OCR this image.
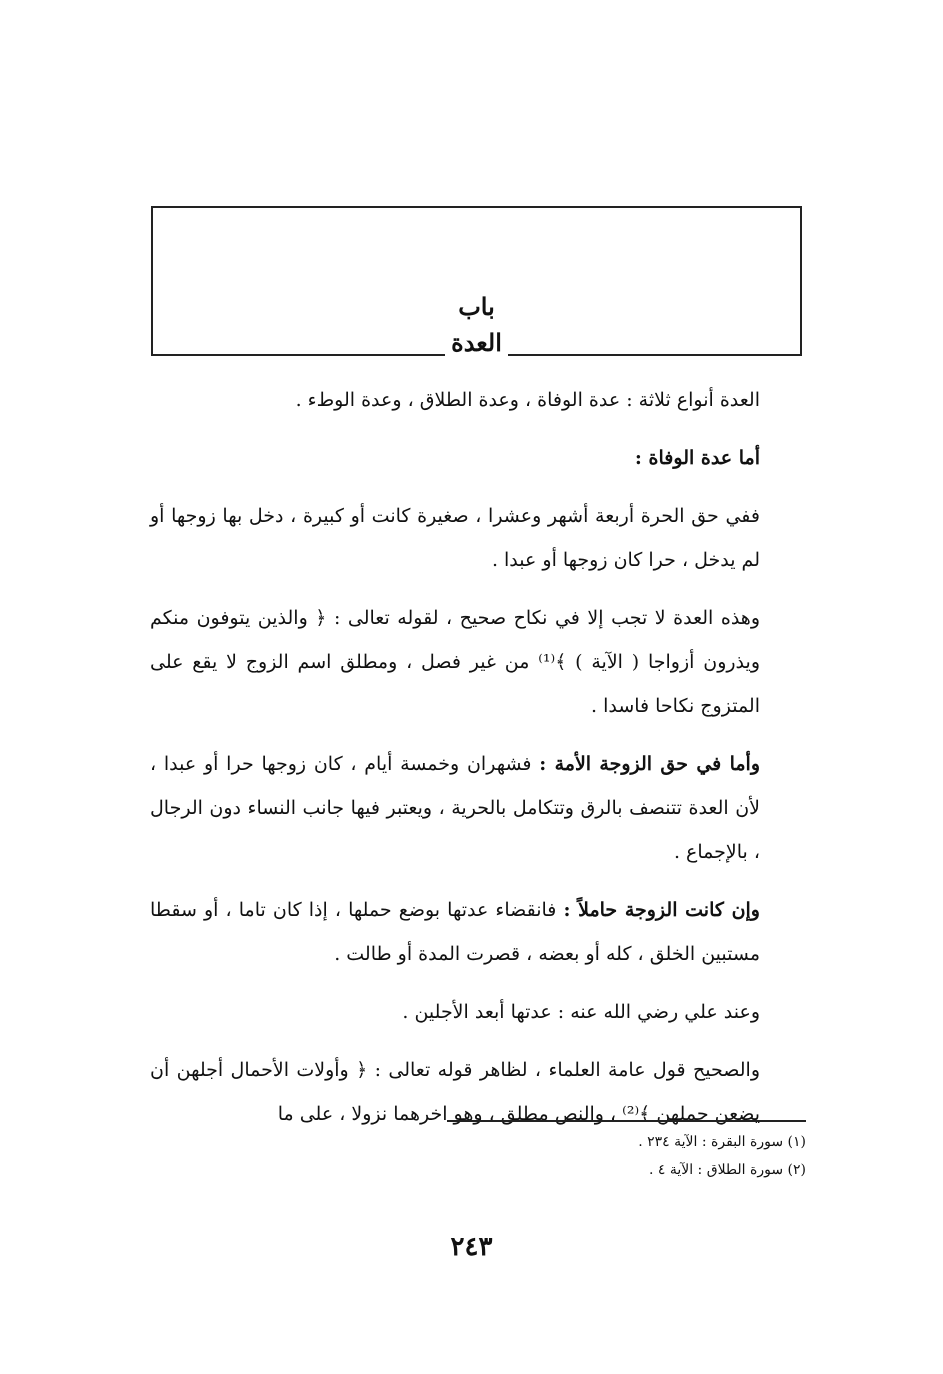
باب
العدة

العدة أنواع ثلاثة : عدة الوفاة ، وعدة الطلاق ، وعدة الوطء .

أما عدة الوفاة :

ففي حق الحرة أربعة أشهر وعشرا ، صغيرة كانت أو كبيرة ، دخل بها زوجها أو لم يدخل ، حرا كان زوجها أو عبدا .

وهذه العدة لا تجب إلا في نكاح صحيح ، لقوله تعالى : ﴿ والذين يتوفون منكم ويذرون أزواجا ( الآية ) ﴾⁽¹⁾ من غير فصل ، ومطلق اسم الزوج لا يقع على المتزوج نكاحا فاسدا .

وأما في حق الزوجة الأمة : فشهران وخمسة أيام ، كان زوجها حرا أو عبدا ، لأن العدة تتنصف بالرق وتتكامل بالحرية ، ويعتبر فيها جانب النساء دون الرجال ، بالإجماع .

وإن كانت الزوجة حاملاً : فانقضاء عدتها بوضع حملها ، إذا كان تاما ، أو سقطا مستبين الخلق ، كله أو بعضه ، قصرت المدة أو طالت .

وعند علي رضي الله عنه : عدتها أبعد الأجلين .

والصحيح قول عامة العلماء ، لظاهر قوله تعالى : ﴿ وأولات الأحمال أجلهن أن يضعن حملهن ﴾⁽²⁾ ، والنص مطلق ، وهو اخرهما نزولا ، على ما

(١) سورة البقرة : الآية ٢٣٤ .
(٢) سورة الطلاق : الآية ٤ .
٢٤٣
